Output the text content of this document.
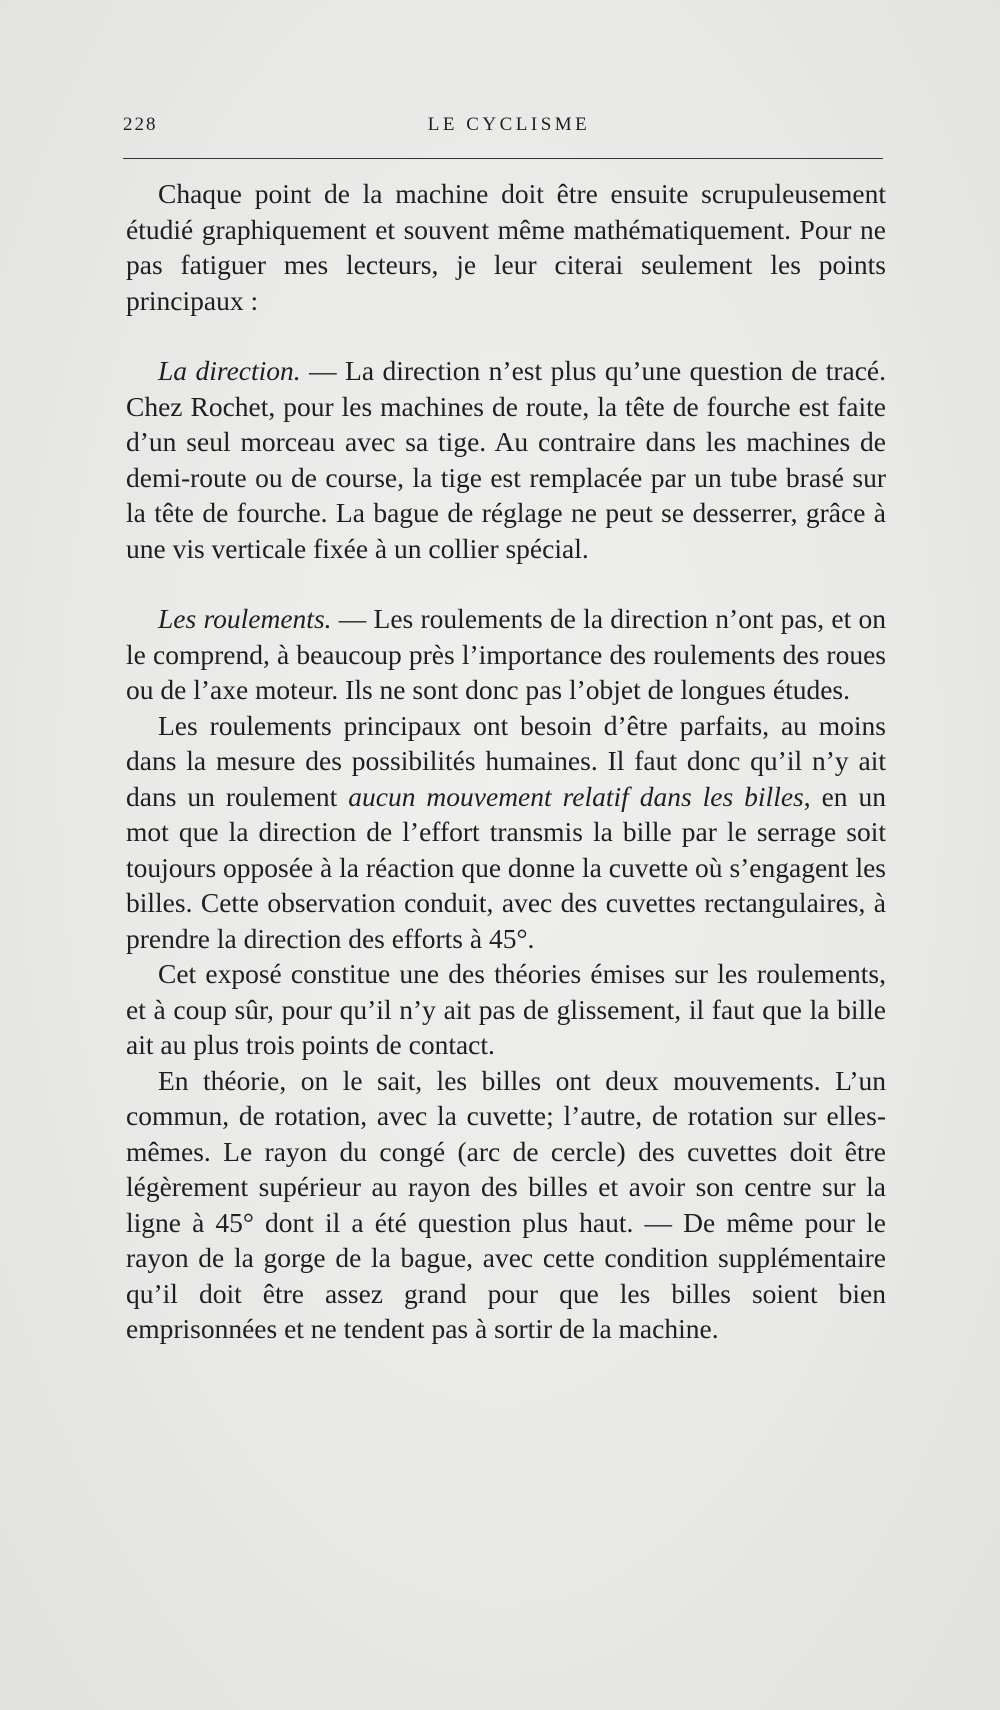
228	LE CYCLISME

Chaque point de la machine doit être ensuite scrupuleusement étudié graphiquement et souvent même mathématiquement. Pour ne pas fatiguer mes lecteurs, je leur citerai seulement les points principaux :

La direction. — La direction n’est plus qu’une question de tracé. Chez Rochet, pour les machines de route, la tête de fourche est faite d’un seul morceau avec sa tige. Au contraire dans les machines de demi-route ou de course, la tige est remplacée par un tube brasé sur la tête de fourche. La bague de réglage ne peut se desserrer, grâce à une vis verticale fixée à un collier spécial.

Les roulements. — Les roulements de la direction n’ont pas, et on le comprend, à beaucoup près l’importance des roulements des roues ou de l’axe moteur. Ils ne sont donc pas l’objet de longues études.

Les roulements principaux ont besoin d’être parfaits, au moins dans la mesure des possibilités humaines. Il faut donc qu’il n’y ait dans un roulement aucun mouvement relatif dans les billes, en un mot que la direction de l’effort transmis la bille par le serrage soit toujours opposée à la réaction que donne la cuvette où s’engagent les billes. Cette observation conduit, avec des cuvettes rectangulaires, à prendre la direction des efforts à 45°.

Cet exposé constitue une des théories émises sur les roulements, et à coup sûr, pour qu’il n’y ait pas de glissement, il faut que la bille ait au plus trois points de contact.

En théorie, on le sait, les billes ont deux mouvements. L’un commun, de rotation, avec la cuvette; l’autre, de rotation sur elles-mêmes. Le rayon du congé (arc de cercle) des cuvettes doit être légèrement supérieur au rayon des billes et avoir son centre sur la ligne à 45° dont il a été question plus haut. — De même pour le rayon de la gorge de la bague, avec cette condition supplémentaire qu’il doit être assez grand pour que les billes soient bien emprisonnées et ne tendent pas à sortir de la machine.
